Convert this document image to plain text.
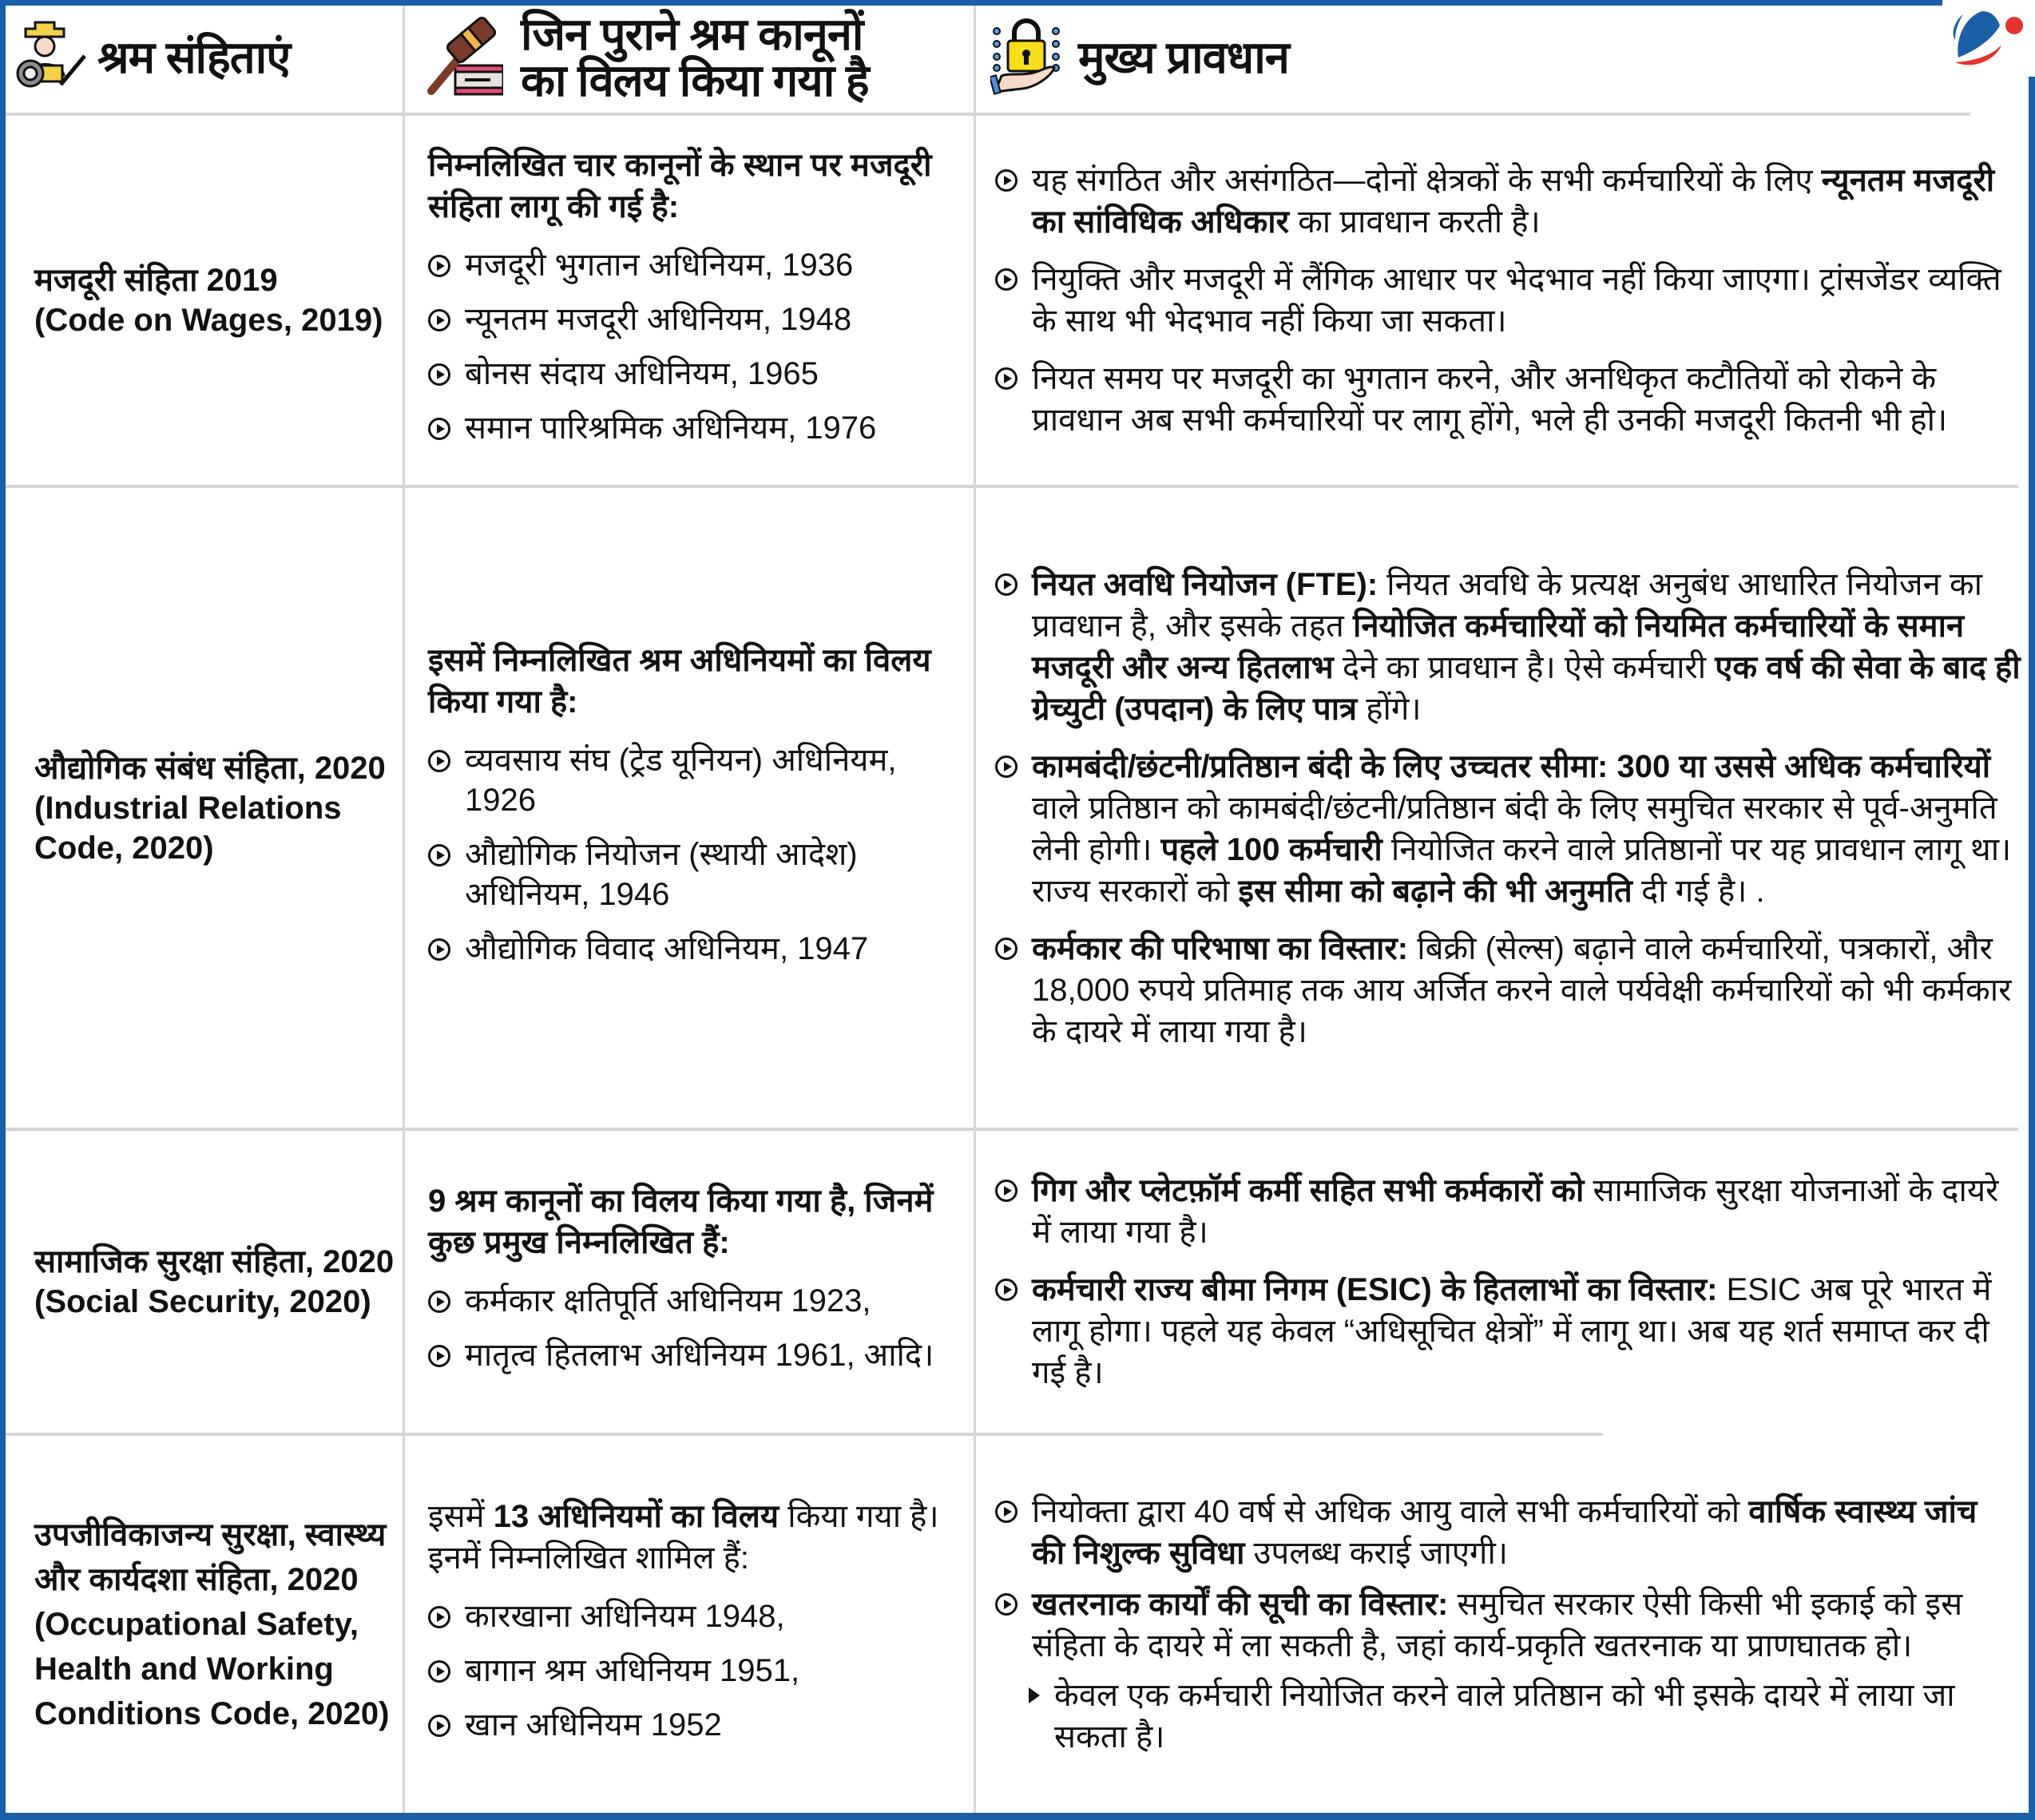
श्रम संहिताएं	जिन पुराने श्रम कानूनों
का विलय किया गया है	मुख्य प्रावधान
मजदूरी संहिता 2019
(Code on Wages, 2019)
निम्नलिखित चार कानूनों के स्थान पर मजदूरी संहिता लागू की गई है:
मजदूरी भुगतान अधिनियम, 1936
न्यूनतम मजदूरी अधिनियम, 1948
बोनस संदाय अधिनियम, 1965
समान पारिश्रमिक अधिनियम, 1976
यह संगठित और असंगठित—दोनों क्षेत्रकों के सभी कर्मचारियों के लिए न्यूनतम मजदूरी का सांविधिक अधिकार का प्रावधान करती है।
नियुक्ति और मजदूरी में लैंगिक आधार पर भेदभाव नहीं किया जाएगा। ट्रांसजेंडर व्यक्ति के साथ भी भेदभाव नहीं किया जा सकता।
नियत समय पर मजदूरी का भुगतान करने, और अनधिकृत कटौतियों को रोकने के प्रावधान अब सभी कर्मचारियों पर लागू होंगे, भले ही उनकी मजदूरी कितनी भी हो।
औद्योगिक संबंध संहिता, 2020
(Industrial Relations Code, 2020)
इसमें निम्नलिखित श्रम अधिनियमों का विलय किया गया है:
व्यवसाय संघ (ट्रेड यूनियन) अधिनियम, 1926
औद्योगिक नियोजन (स्थायी आदेश) अधिनियम, 1946
औद्योगिक विवाद अधिनियम, 1947
नियत अवधि नियोजन (FTE): नियत अवधि के प्रत्यक्ष अनुबंध आधारित नियोजन का प्रावधान है, और इसके तहत नियोजित कर्मचारियों को नियमित कर्मचारियों के समान मजदूरी और अन्य हितलाभ देने का प्रावधान है। ऐसे कर्मचारी एक वर्ष की सेवा के बाद ही ग्रेच्युटी (उपदान) के लिए पात्र होंगे।
कामबंदी/छंटनी/प्रतिष्ठान बंदी के लिए उच्चतर सीमा: 300 या उससे अधिक कर्मचारियों वाले प्रतिष्ठान को कामबंदी/छंटनी/प्रतिष्ठान बंदी के लिए समुचित सरकार से पूर्व-अनुमति लेनी होगी। पहले 100 कर्मचारी नियोजित करने वाले प्रतिष्ठानों पर यह प्रावधान लागू था। राज्य सरकारों को इस सीमा को बढ़ाने की भी अनुमति दी गई है। .
कर्मकार की परिभाषा का विस्तार: बिक्री (सेल्स) बढ़ाने वाले कर्मचारियों, पत्रकारों, और 18,000 रुपये प्रतिमाह तक आय अर्जित करने वाले पर्यवेक्षी कर्मचारियों को भी कर्मकार के दायरे में लाया गया है।
सामाजिक सुरक्षा संहिता, 2020
(Social Security, 2020)
9 श्रम कानूनों का विलय किया गया है, जिनमें कुछ प्रमुख निम्नलिखित हैं:
कर्मकार क्षतिपूर्ति अधिनियम 1923,
मातृत्व हितलाभ अधिनियम 1961, आदि।
गिग और प्लेटफ़ॉर्म कर्मी सहित सभी कर्मकारों को सामाजिक सुरक्षा योजनाओं के दायरे में लाया गया है।
कर्मचारी राज्य बीमा निगम (ESIC) के हितलाभों का विस्तार: ESIC अब पूरे भारत में लागू होगा। पहले यह केवल “अधिसूचित क्षेत्रों” में लागू था। अब यह शर्त समाप्त कर दी गई है।
उपजीविकाजन्य सुरक्षा, स्वास्थ्य और कार्यदशा संहिता, 2020
(Occupational Safety, Health and Working Conditions Code, 2020)
इसमें 13 अधिनियमों का विलय किया गया है। इनमें निम्नलिखित शामिल हैं:
कारखाना अधिनियम 1948,
बागान श्रम अधिनियम 1951,
खान अधिनियम 1952
नियोक्ता द्वारा 40 वर्ष से अधिक आयु वाले सभी कर्मचारियों को वार्षिक स्वास्थ्य जांच की निशुल्क सुविधा उपलब्ध कराई जाएगी।
खतरनाक कार्यों की सूची का विस्तार: समुचित सरकार ऐसी किसी भी इकाई को इस संहिता के दायरे में ला सकती है, जहां कार्य-प्रकृति खतरनाक या प्राणघातक हो।
केवल एक कर्मचारी नियोजित करने वाले प्रतिष्ठान को भी इसके दायरे में लाया जा सकता है।
